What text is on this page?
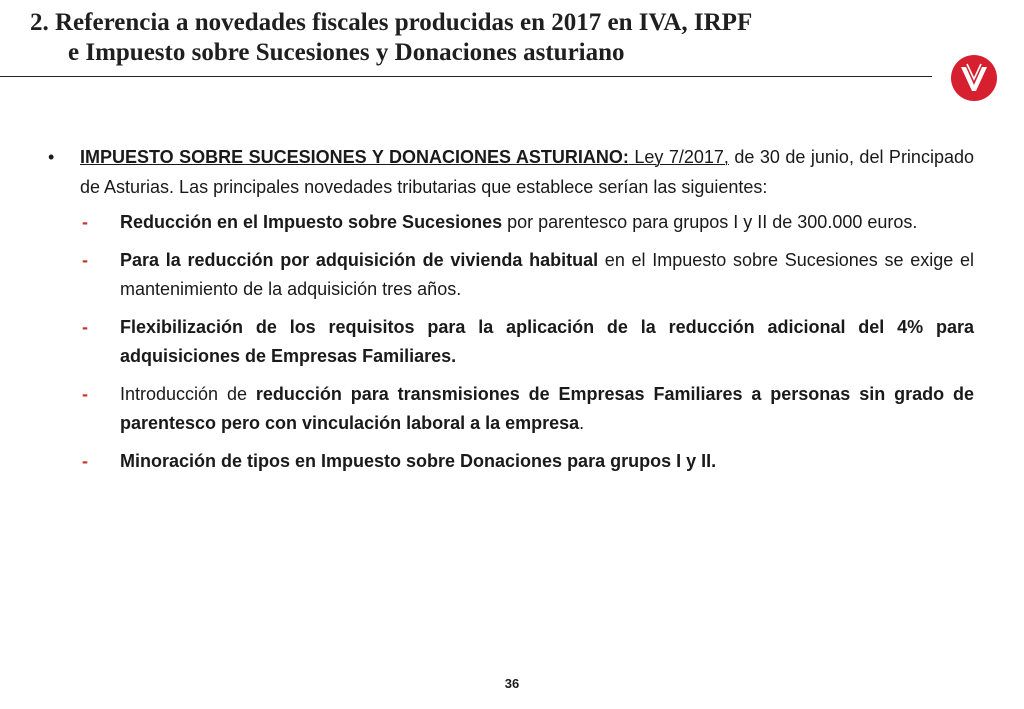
2. Referencia a novedades fiscales producidas en 2017 en IVA, IRPF
e Impuesto sobre Sucesiones y Donaciones asturiano
•	IMPUESTO SOBRE SUCESIONES Y DONACIONES ASTURIANO: Ley 7/2017, de 30 de junio, del Principado de Asturias. Las principales novedades tributarias que establece serían las siguientes:
-	Reducción en el Impuesto sobre Sucesiones por parentesco para grupos I y II de 300.000 euros.
-	Para la reducción por adquisición de vivienda habitual en el Impuesto sobre Sucesiones se exige el mantenimiento de la adquisición tres años.
-	Flexibilización de los requisitos para la aplicación de la reducción adicional del 4% para adquisiciones de Empresas Familiares.
-	Introducción de reducción para transmisiones de Empresas Familiares a personas sin grado de parentesco pero con vinculación laboral a la empresa.
-	Minoración de tipos en Impuesto sobre Donaciones para grupos I y II.
36
